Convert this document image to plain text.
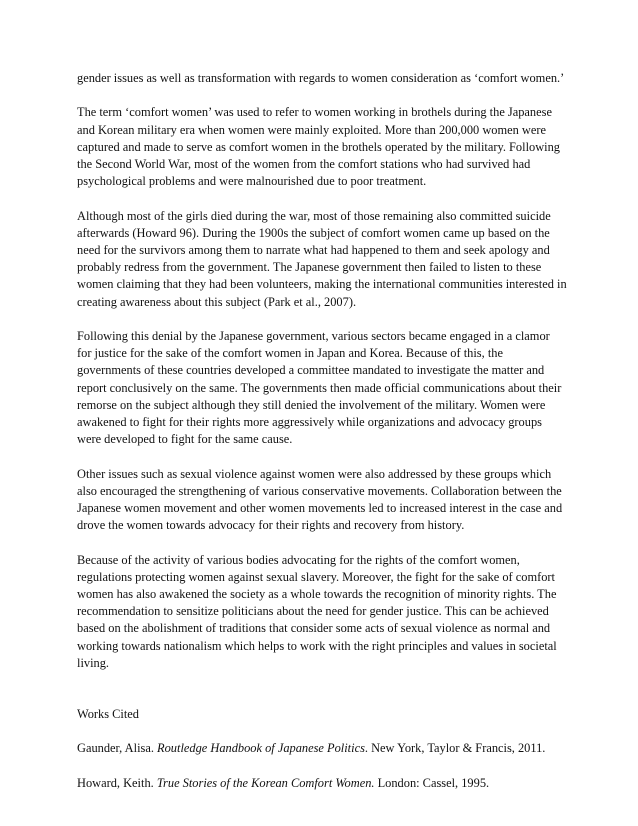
gender issues as well as transformation with regards to women consideration as ‘comfort women.’

The term ‘comfort women’ was used to refer to women working in brothels during the Japanese and Korean military era when women were mainly exploited. More than 200,000 women were captured and made to serve as comfort women in the brothels operated by the military. Following the Second World War, most of the women from the comfort stations who had survived had psychological problems and were malnourished due to poor treatment.

Although most of the girls died during the war, most of those remaining also committed suicide afterwards (Howard 96). During the 1900s the subject of comfort women came up based on the need for the survivors among them to narrate what had happened to them and seek apology and probably redress from the government. The Japanese government then failed to listen to these women claiming that they had been volunteers, making the international communities interested in creating awareness about this subject (Park et al., 2007).

Following this denial by the Japanese government, various sectors became engaged in a clamor for justice for the sake of the comfort women in Japan and Korea. Because of this, the governments of these countries developed a committee mandated to investigate the matter and report conclusively on the same. The governments then made official communications about their remorse on the subject although they still denied the involvement of the military. Women were awakened to fight for their rights more aggressively while organizations and advocacy groups were developed to fight for the same cause.

Other issues such as sexual violence against women were also addressed by these groups which also encouraged the strengthening of various conservative movements. Collaboration between the Japanese women movement and other women movements led to increased interest in the case and drove the women towards advocacy for their rights and recovery from history.

Because of the activity of various bodies advocating for the rights of the comfort women, regulations protecting women against sexual slavery. Moreover, the fight for the sake of comfort women has also awakened the society as a whole towards the recognition of minority rights. The recommendation to sensitize politicians about the need for gender justice. This can be achieved based on the abolishment of traditions that consider some acts of sexual violence as normal and working towards nationalism which helps to work with the right principles and values in societal living.

Works Cited

Gaunder, Alisa. Routledge Handbook of Japanese Politics. New York, Taylor & Francis, 2011.

Howard, Keith. True Stories of the Korean Comfort Women. London: Cassel, 1995.
